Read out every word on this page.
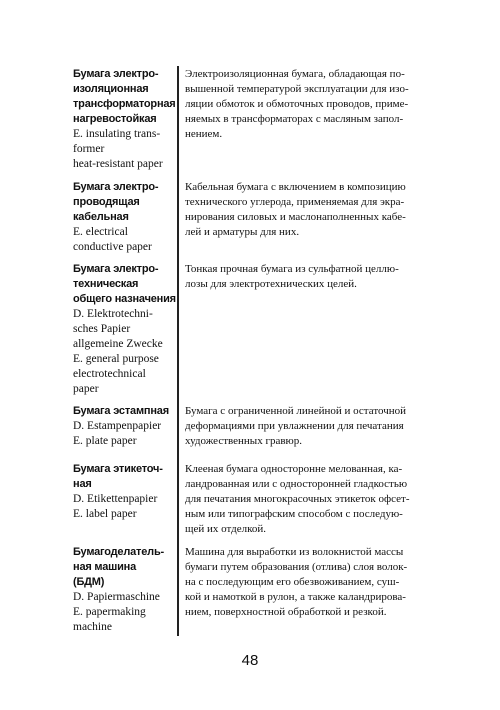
Бумага электро-
изоляционная
трансформаторная
нагревостойкая
E. insulating trans-
former
heat-resistant paper
Электроизоляционная бумага, обладающая по-
вышенной температурой эксплуатации для изо-
ляции обмоток и обмоточных проводов, приме-
няемых в трансформаторах с масляным запол-
нением.
Бумага электро-
проводящая
кабельная
E. electrical
conductive paper
Кабельная бумага с включением в композицию
технического углерода, применяемая для экра-
нирования силовых и маслонаполненных кабе-
лей и арматуры для них.
Бумага электро-
техническая
общего назначения
D. Elektrotechni-
sches Papier
allgemeine Zwecke
E. general purpose
electrotechnical
paper
Тонкая прочная бумага из сульфатной целлю-
лозы для электротехнических целей.
Бумага эстампная
D. Estampenpapier
E. plate paper
Бумага с ограниченной линейной и остаточной
деформациями при увлажнении для печатания
художественных гравюр.
Бумага этикеточ-
ная
D. Etikettenpapier
E. label paper
Клееная бумага односторонне мелованная, ка-
ландрованная или с односторонней гладкостью
для печатания многокрасочных этикеток офсет-
ным или типографским способом с последую-
щей их отделкой.
Бумагоделатель-
ная машина
(БДМ)
D. Papiermaschine
E. papermaking
machine
Машина для выработки из волокнистой массы
бумаги путем образования (отлива) слоя волок-
на с последующим его обезвоживанием, суш-
кой и намоткой в рулон, а также каландрирова-
нием, поверхностной обработкой и резкой.
48
